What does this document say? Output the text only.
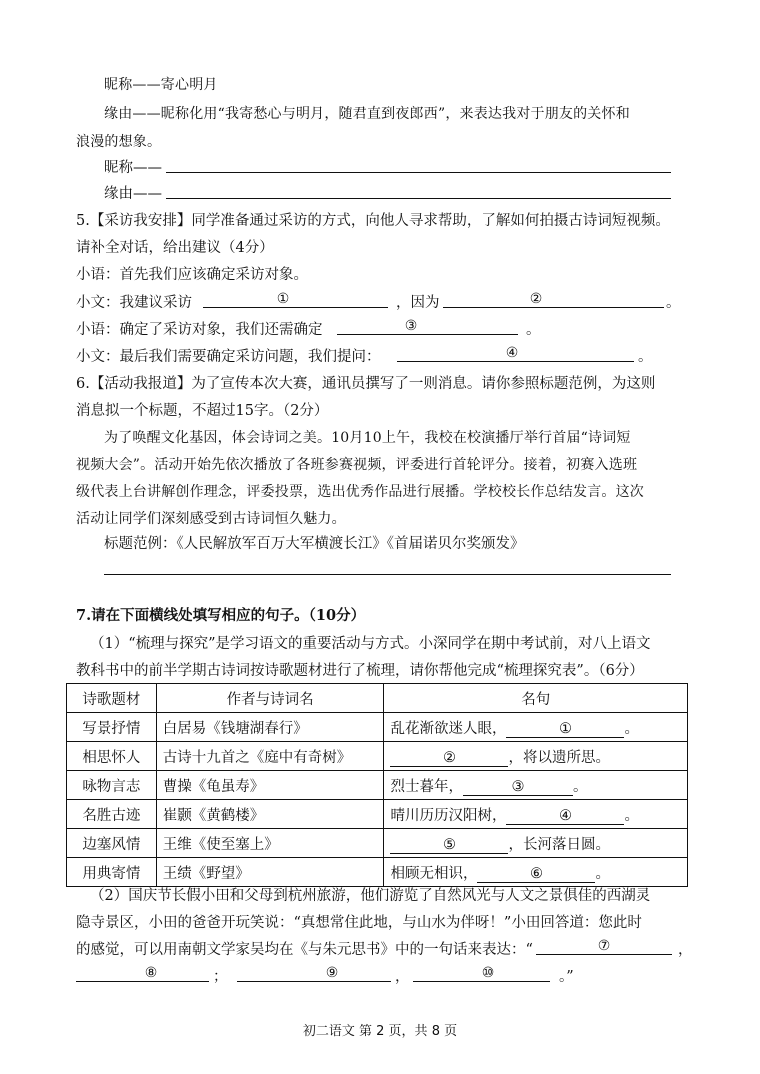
昵称——寄心明月
缘由——昵称化用“我寄愁心与明月，随君直到夜郎西”，来表达我对于朋友的关怀和
浪漫的想象。
昵称——
缘由——
5.【采访我安排】同学准备通过采访的方式，向他人寻求帮助，了解如何拍摄古诗词短视频。
请补全对话，给出建议（4分）
小语：首先我们应该确定采访对象。
小文：我建议采访	①	，因为	②	。
小语：确定了采访对象，我们还需确定	③	。
小文：最后我们需要确定采访问题，我们提问：	④	。
6.【活动我报道】为了宣传本次大赛，通讯员撰写了一则消息。请你参照标题范例，为这则
消息拟一个标题，不超过15字。（2分）
为了唤醒文化基因，体会诗词之美。10月10上午，我校在校演播厅举行首届“诗词短
视频大会”。活动开始先依次播放了各班参赛视频，评委进行首轮评分。接着，初赛入选班
级代表上台讲解创作理念，评委投票，选出优秀作品进行展播。学校校长作总结发言。这次
活动让同学们深刻感受到古诗词恒久魅力。
标题范例：《人民解放军百万大军横渡长江》《首届诺贝尔奖颁发》
7.请在下面横线处填写相应的句子。（10分）
（1）“梳理与探究”是学习语文的重要活动与方式。小深同学在期中考试前，对八上语文
教科书中的前半学期古诗词按诗歌题材进行了梳理，请你帮他完成“梳理探究表”。（6分）
诗歌题材	作者与诗词名	名句
写景抒情	白居易《钱塘湖春行》	乱花渐欲迷人眼， ① 。
相思怀人	古诗十九首之《庭中有奇树》	② ，将以遗所思。
咏物言志	曹操《龟虽寿》	烈士暮年， ③ 。
名胜古迹	崔颢《黄鹤楼》	晴川历历汉阳树， ④ 。
边塞风情	王维《使至塞上》	⑤ ，长河落日圆。
用典寄情	王绩《野望》	相顾无相识， ⑥ 。
（2）国庆节长假小田和父母到杭州旅游，他们游览了自然风光与人文之景俱佳的西湖灵
隐寺景区，小田的爸爸开玩笑说：“真想常住此地，与山水为伴呀！”小田回答道：您此时
的感觉，可以用南朝文学家吴均在《与朱元思书》中的一句话来表达：“	⑦	，
⑧	；	⑨	，	⑩	。”
初二语文 第 2 页，共 8 页
